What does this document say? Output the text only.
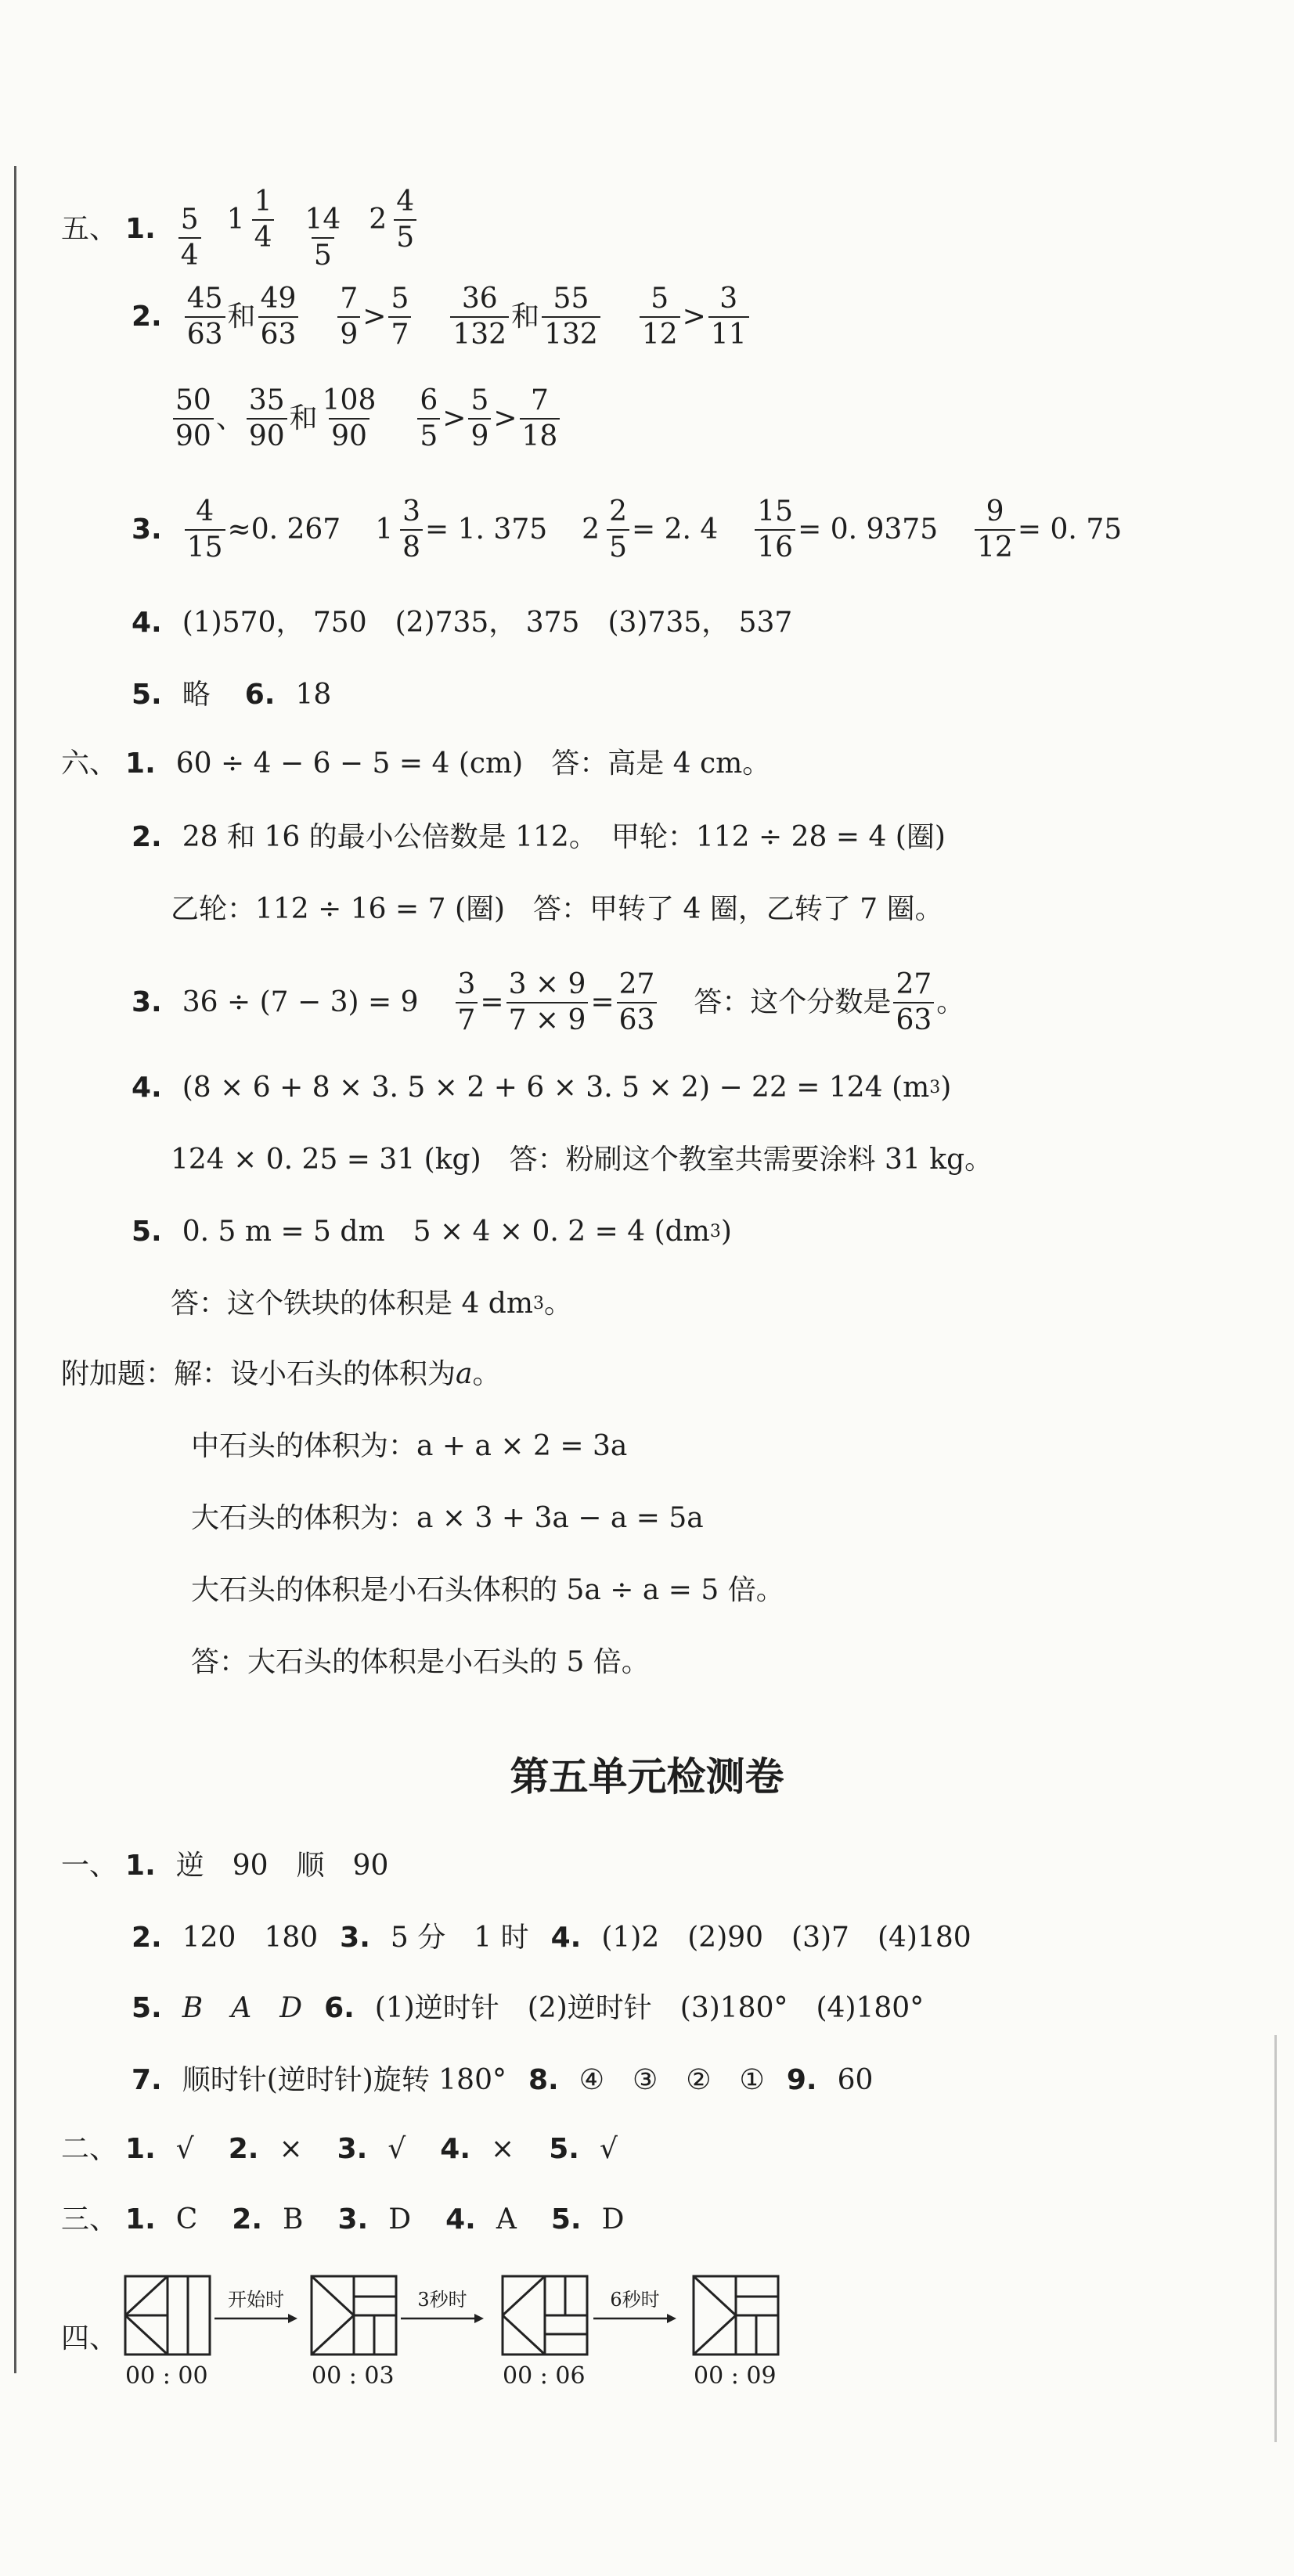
五、 1. $\frac{5}{4} 1 \frac{1}{4} \frac{14}{5} 2 \frac{4}{5}$
2.
45
63
和
49
63
7
9
>
5
7
36
132
和
55
132
5
12
>
3
11
50
90
、
35
90
和
108
90
6
5
>
5
9
>
7
18
3. $\frac{4}{15} \approx 0$. 267 $1 \frac{3}{8} = 1$. 375 $2 \frac{2}{5} = 2$. $4 \frac{15}{16} = 0$. $9375 \frac{9}{12} = 0$. 75
4. (1)570， 750　(2)735， 375　(3)735， 537
5. 略 6. 18
六、 1. 60 ÷ 4 − 6 − 5 = 4 (cm)　答：高是 4 cm。
2. 28 和 16 的最小公倍数是 112。　甲轮：112 ÷ 28 = 4 (圈)
乙轮：112 ÷ 16 = 7 (圈)　答：甲转了 4 圈，乙转了 7 圈。
3. $36 \div (7 - 3) = 9 \frac{3}{7} = \frac{3 \times 9}{7 \times 9} = \frac{27}{63}$ 答：这个分数是
27
63
。
4. (8 × 6 + 8 × 3. 5 × 2 + 6 × 3. 5 × 2) − 22 = 124 (m 3 )
124 × 0. 25 = 31 (kg)　答：粉刷这个教室共需要涂料 31 kg。
5. 0. 5 m = 5 dm　5 × 4 × 0. 2 = 4 (dm 3 )
答：这个铁块的体积是 4 dm 3 。
附加题： 解：设小石头的体积为 a 。
中石头的体积为：a + a × 2 = 3a
大石头的体积为：a × 3 + 3a − a = 5a
大石头的体积是小石头体积的 5a ÷ a = 5 倍。
答：大石头的体积是小石头的 5 倍。
第五单元检测卷
一、 1. 逆　90　顺　90
2. 120　180 3. 5 分　1 时 4. (1)2　(2)90　(3)7　(4)180
5. B　A　D 6. (1)逆时针　(2)逆时针　(3)180°　(4)180°
7. 顺时针(逆时针)旋转 180° 8. ④　③　②　① 9. 60
二、 1. √ 2. × 3. √ 4. × 5. √
三、 1. C 2. B 3. D 4. A 5. D
四、
00 : 00
开始时
00 : 03
3秒时
00 : 06
6秒时
00 : 09
